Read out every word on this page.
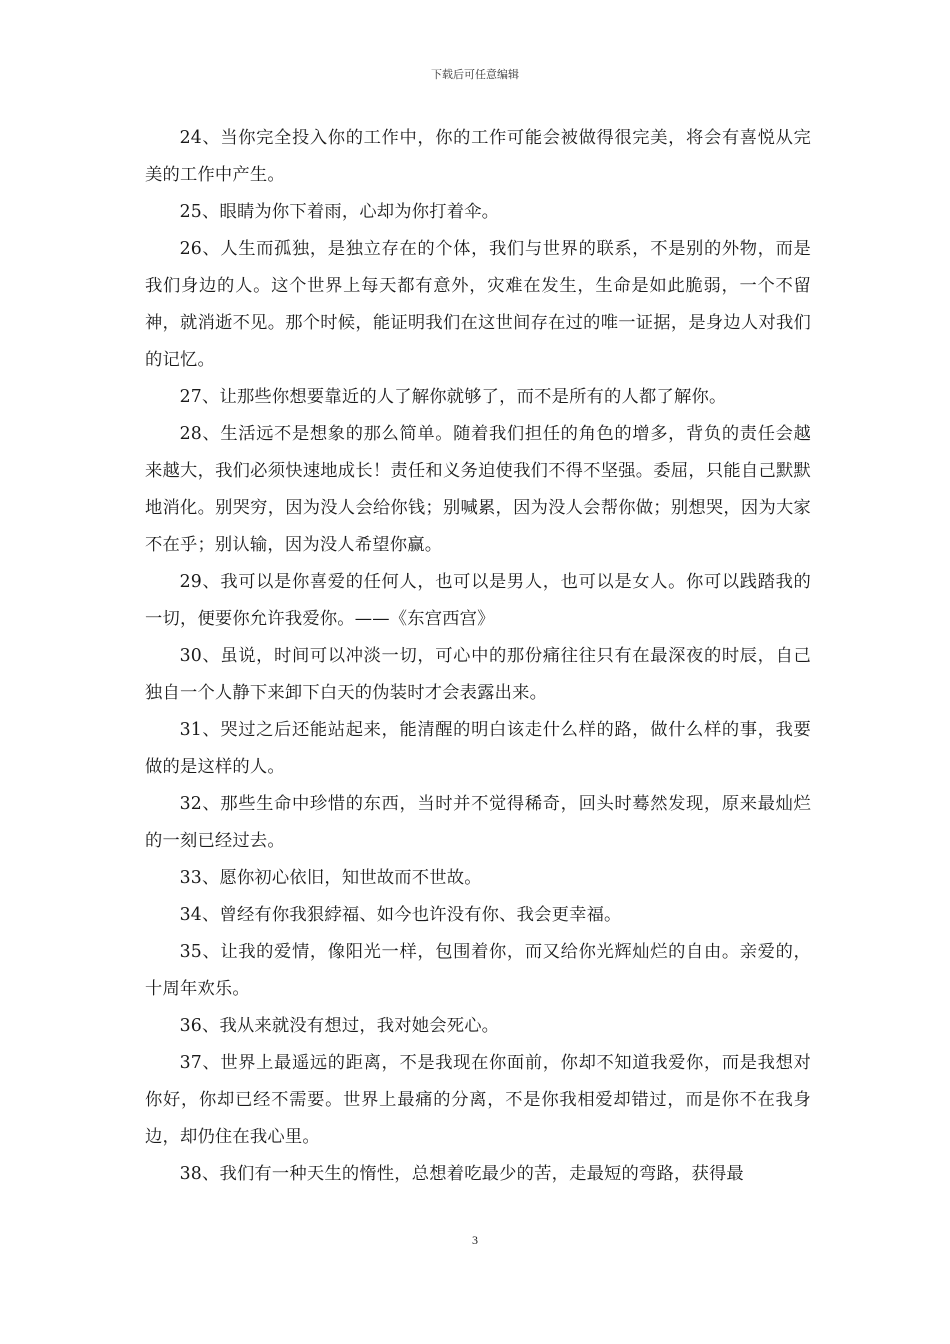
下载后可任意编辑

24、当你完全投入你的工作中，你的工作可能会被做得很完美，将会有喜悦从完美的工作中产生。

25、眼睛为你下着雨，心却为你打着伞。

26、人生而孤独，是独立存在的个体，我们与世界的联系，不是别的外物，而是我们身边的人。这个世界上每天都有意外，灾难在发生，生命是如此脆弱，一个不留神，就消逝不见。那个时候，能证明我们在这世间存在过的唯一证据，是身边人对我们的记忆。

27、让那些你想要靠近的人了解你就够了，而不是所有的人都了解你。

28、生活远不是想象的那么简单。随着我们担任的角色的增多，背负的责任会越来越大，我们必须快速地成长！责任和义务迫使我们不得不坚强。委屈，只能自己默默地消化。别哭穷，因为没人会给你钱；别喊累，因为没人会帮你做；别想哭，因为大家不在乎；别认输，因为没人希望你赢。

29、我可以是你喜爱的任何人，也可以是男人，也可以是女人。你可以践踏我的一切，便要你允许我爱你。——《东宫西宫》

30、虽说，时间可以冲淡一切，可心中的那份痛往往只有在最深夜的时辰，自己独自一个人静下来卸下白天的伪装时才会表露出来。

31、哭过之后还能站起来，能清醒的明白该走什么样的路，做什么样的事，我要做的是这样的人。

32、那些生命中珍惜的东西，当时并不觉得稀奇，回头时蓦然发现，原来最灿烂的一刻已经过去。

33、愿你初心依旧，知世故而不世故。

34、曾经有你我狠綍福、如今也许没有你、我会更幸福。

35、让我的爱情，像阳光一样，包围着你，而又给你光辉灿烂的自由。亲爱的，十周年欢乐。

36、我从来就没有想过，我对她会死心。

37、世界上最遥远的距离，不是我现在你面前，你却不知道我爱你，而是我想对你好，你却已经不需要。世界上最痛的分离，不是你我相爱却错过，而是你不在我身边，却仍住在我心里。

38、我们有一种天生的惰性，总想着吃最少的苦，走最短的弯路，获得最

3
